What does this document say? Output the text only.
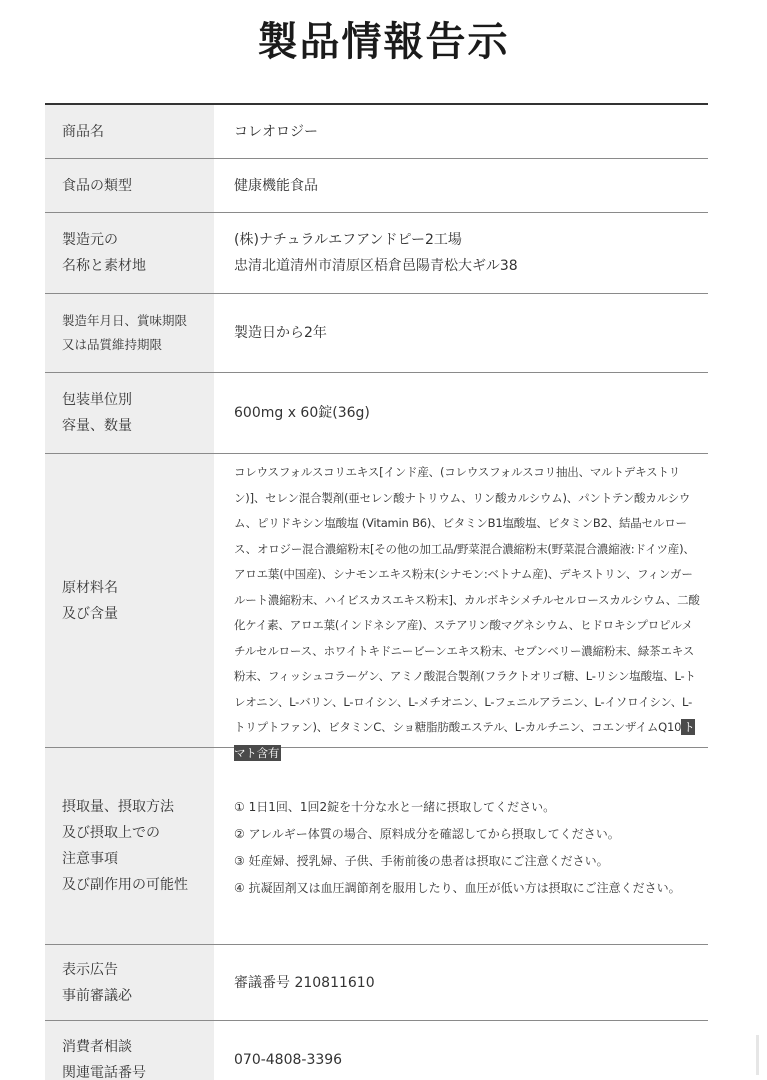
製品情報告示
商品名	コレオロジー
食品の類型	健康機能食品
製造元の
名称と素材地
(株)ナチュラルエフアンドピー2工場
忠清北道清州市清原区梧倉邑陽青松大ギル38
製造年月日、賞味期限
又は品質維持期限
製造日から2年
包装単位別
容量、数量
600mg x 60錠(36g)
原材料名
及び含量
コレウスフォルスコリエキス[インド産、(コレウスフォルスコリ抽出、マルトデキストリン)]、セレン混合製剤(亜セレン酸ナトリウム、リン酸カルシウム)、パントテン酸カルシウム、ピリドキシン塩酸塩 (Vitamin B6)、ビタミンB1塩酸塩、ビタミンB2、結晶セルロース、オロジー混合濃縮粉末[その他の加工品/野菜混合濃縮粉末(野菜混合濃縮液:ドイツ産)、アロエ葉(中国産)、シナモンエキス粉末(シナモン:ベトナム産)、デキストリン、フィンガールート濃縮粉末、ハイビスカスエキス粉末]、カルボキシメチルセルロースカルシウム、二酸化ケイ素、アロエ葉(インドネシア産)、ステアリン酸マグネシウム、ヒドロキシプロピルメチルセルロース、ホワイトキドニービーンエキス粉末、セブンベリー濃縮粉末、緑茶エキス粉末、フィッシュコラーゲン、アミノ酸混合製剤(フラクトオリゴ糖、L-リシン塩酸塩、L-トレオニン、L-バリン、L-ロイシン、L-メチオニン、L-フェニルアラニン、L-イソロイシン、L-トリプトファン)、ビタミンC、ショ糖脂肪酸エステル、L-カルチニン、コエンザイムQ10 トマト含有
摂取量、摂取方法
及び摂取上での
注意事項
及び副作用の可能性
① 1日1回、1回2錠を十分な水と一緒に摂取してください。
② アレルギー体質の場合、原料成分を確認してから摂取してください。
③ 妊産婦、授乳婦、子供、手術前後の患者は摂取にご注意ください。
④ 抗凝固剤又は血圧調節剤を服用したり、血圧が低い方は摂取にご注意ください。
表示広告
事前審議必
審議番号 210811610
消費者相談
関連電話番号
070-4808-3396
